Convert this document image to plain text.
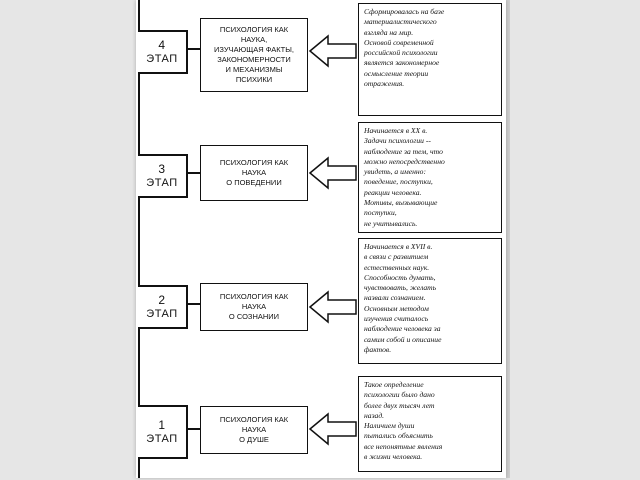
4
ЭТАП
ПСИХОЛОГИЯ КАК
НАУКА,
ИЗУЧАЮЩАЯ ФАКТЫ,
ЗАКОНОМЕРНОСТИ
И МЕХАНИЗМЫ
ПСИХИКИ
Сформировалась на базе
материалистического
взгляда на мир.
Основой современной
российской психологии
является закономерное
осмысление теории
отражения.
3
ЭТАП
ПСИХОЛОГИЯ КАК
НАУКА
О ПОВЕДЕНИИ
Начинается в XX в.
Задачи психологии --
наблюдение за тем, что
можно непосредственно
увидеть, а именно:
поведение, поступки,
реакции человека.
Мотивы, вызывающие
поступки,
не учитывались.
2
ЭТАП
ПСИХОЛОГИЯ КАК
НАУКА
О СОЗНАНИИ
Начинается в XVII в.
в связи с развитием
естественных наук.
Способность думать,
чувствовать, желать
назвали сознанием.
Основным методом
изучения считалось
наблюдение человека за
самим собой и описание
фактов.
1
ЭТАП
ПСИХОЛОГИЯ КАК
НАУКА
О ДУШЕ
Такое определение
психологии было дано
более двух тысяч лет
назад.
Наличием души
пытались объяснить
все непонятные явления
в жизни человека.
